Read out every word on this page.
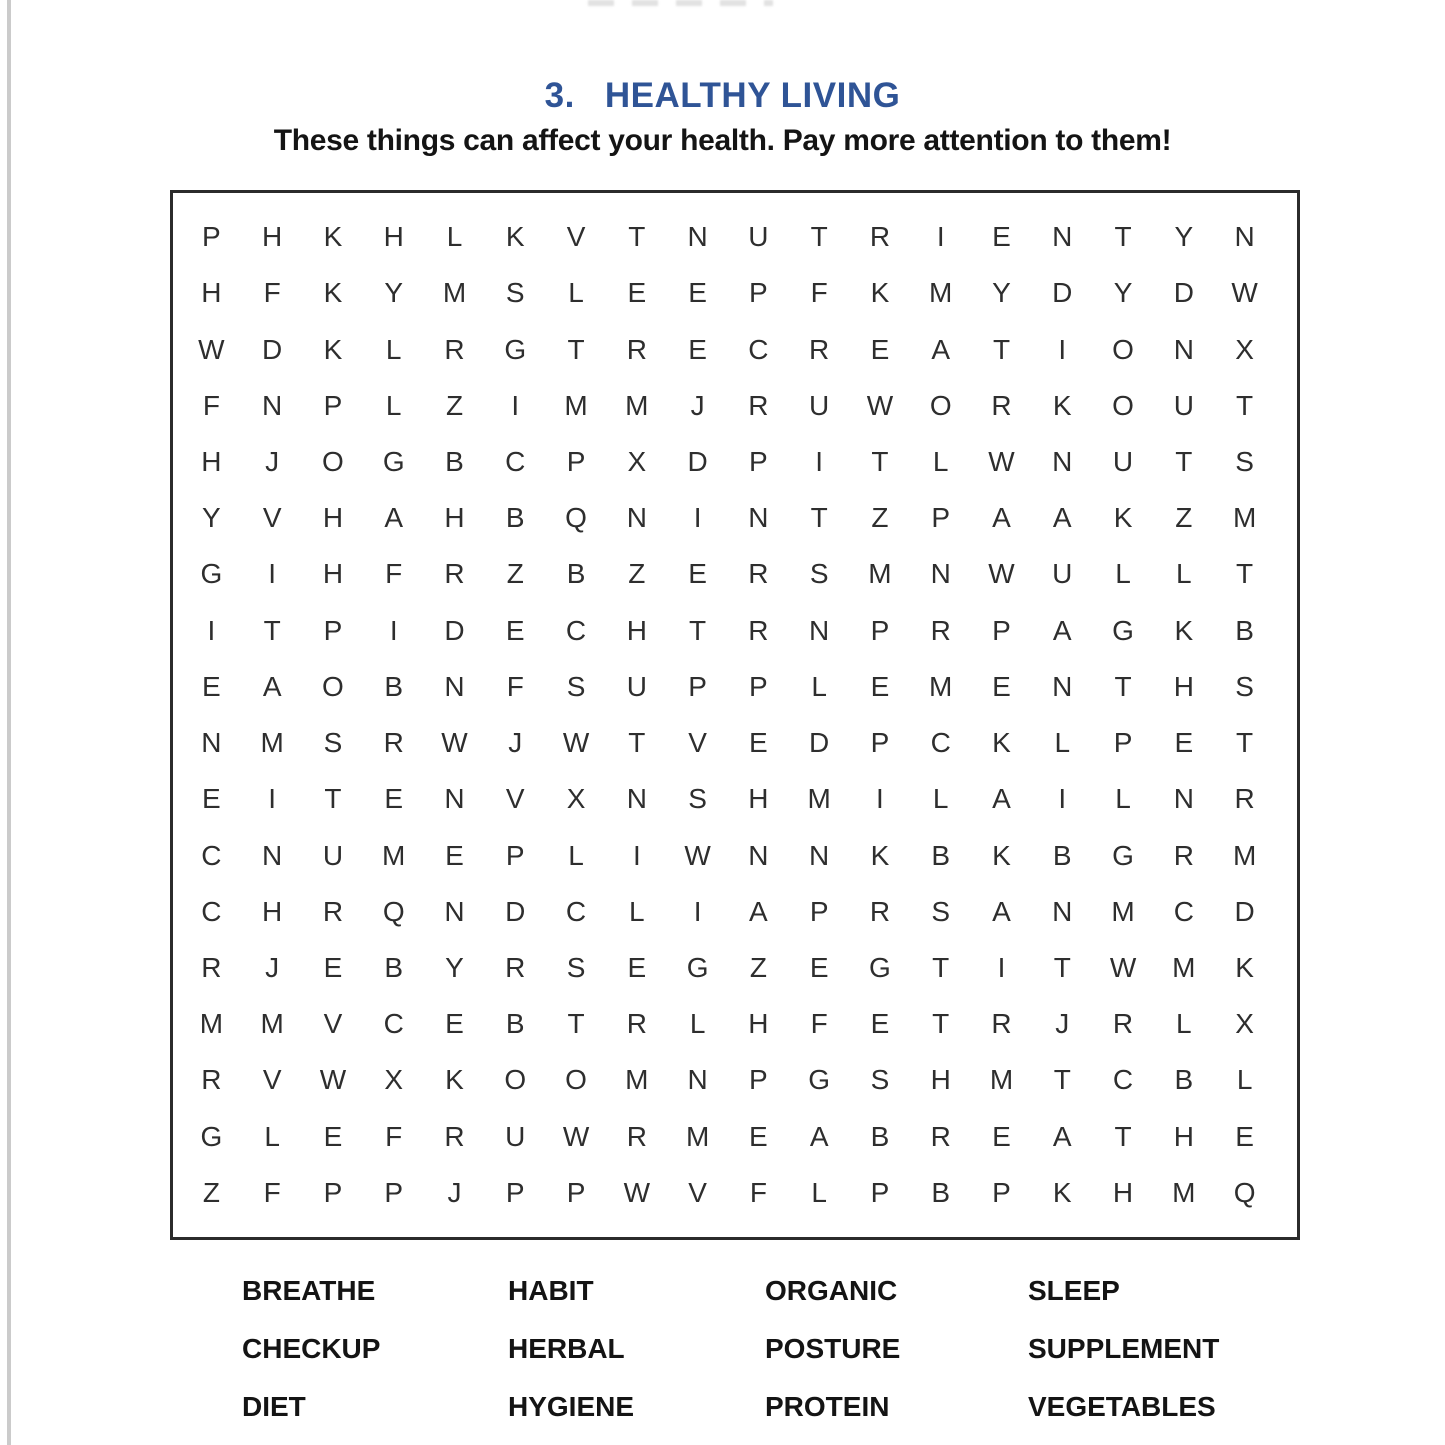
3. HEALTHY LIVING
These things can affect your health. Pay more attention to them!
P	H	K	H	L	K	V	T	N	U	T	R	I	E	N	T	Y	N
H	F	K	Y	M	S	L	E	E	P	F	K	M	Y	D	Y	D	W
W	D	K	L	R	G	T	R	E	C	R	E	A	T	I	O	N	X
F	N	P	L	Z	I	M	M	J	R	U	W	O	R	K	O	U	T
H	J	O	G	B	C	P	X	D	P	I	T	L	W	N	U	T	S
Y	V	H	A	H	B	Q	N	I	N	T	Z	P	A	A	K	Z	M
G	I	H	F	R	Z	B	Z	E	R	S	M	N	W	U	L	L	T
I	T	P	I	D	E	C	H	T	R	N	P	R	P	A	G	K	B
E	A	O	B	N	F	S	U	P	P	L	E	M	E	N	T	H	S
N	M	S	R	W	J	W	T	V	E	D	P	C	K	L	P	E	T
E	I	T	E	N	V	X	N	S	H	M	I	L	A	I	L	N	R
C	N	U	M	E	P	L	I	W	N	N	K	B	K	B	G	R	M
C	H	R	Q	N	D	C	L	I	A	P	R	S	A	N	M	C	D
R	J	E	B	Y	R	S	E	G	Z	E	G	T	I	T	W	M	K
M	M	V	C	E	B	T	R	L	H	F	E	T	R	J	R	L	X
R	V	W	X	K	O	O	M	N	P	G	S	H	M	T	C	B	L
G	L	E	F	R	U	W	R	M	E	A	B	R	E	A	T	H	E
Z	F	P	P	J	P	P	W	V	F	L	P	B	P	K	H	M	Q
BREATHE
CHECKUP
DIET
HABIT
HERBAL
HYGIENE
ORGANIC
POSTURE
PROTEIN
SLEEP
SUPPLEMENT
VEGETABLES
